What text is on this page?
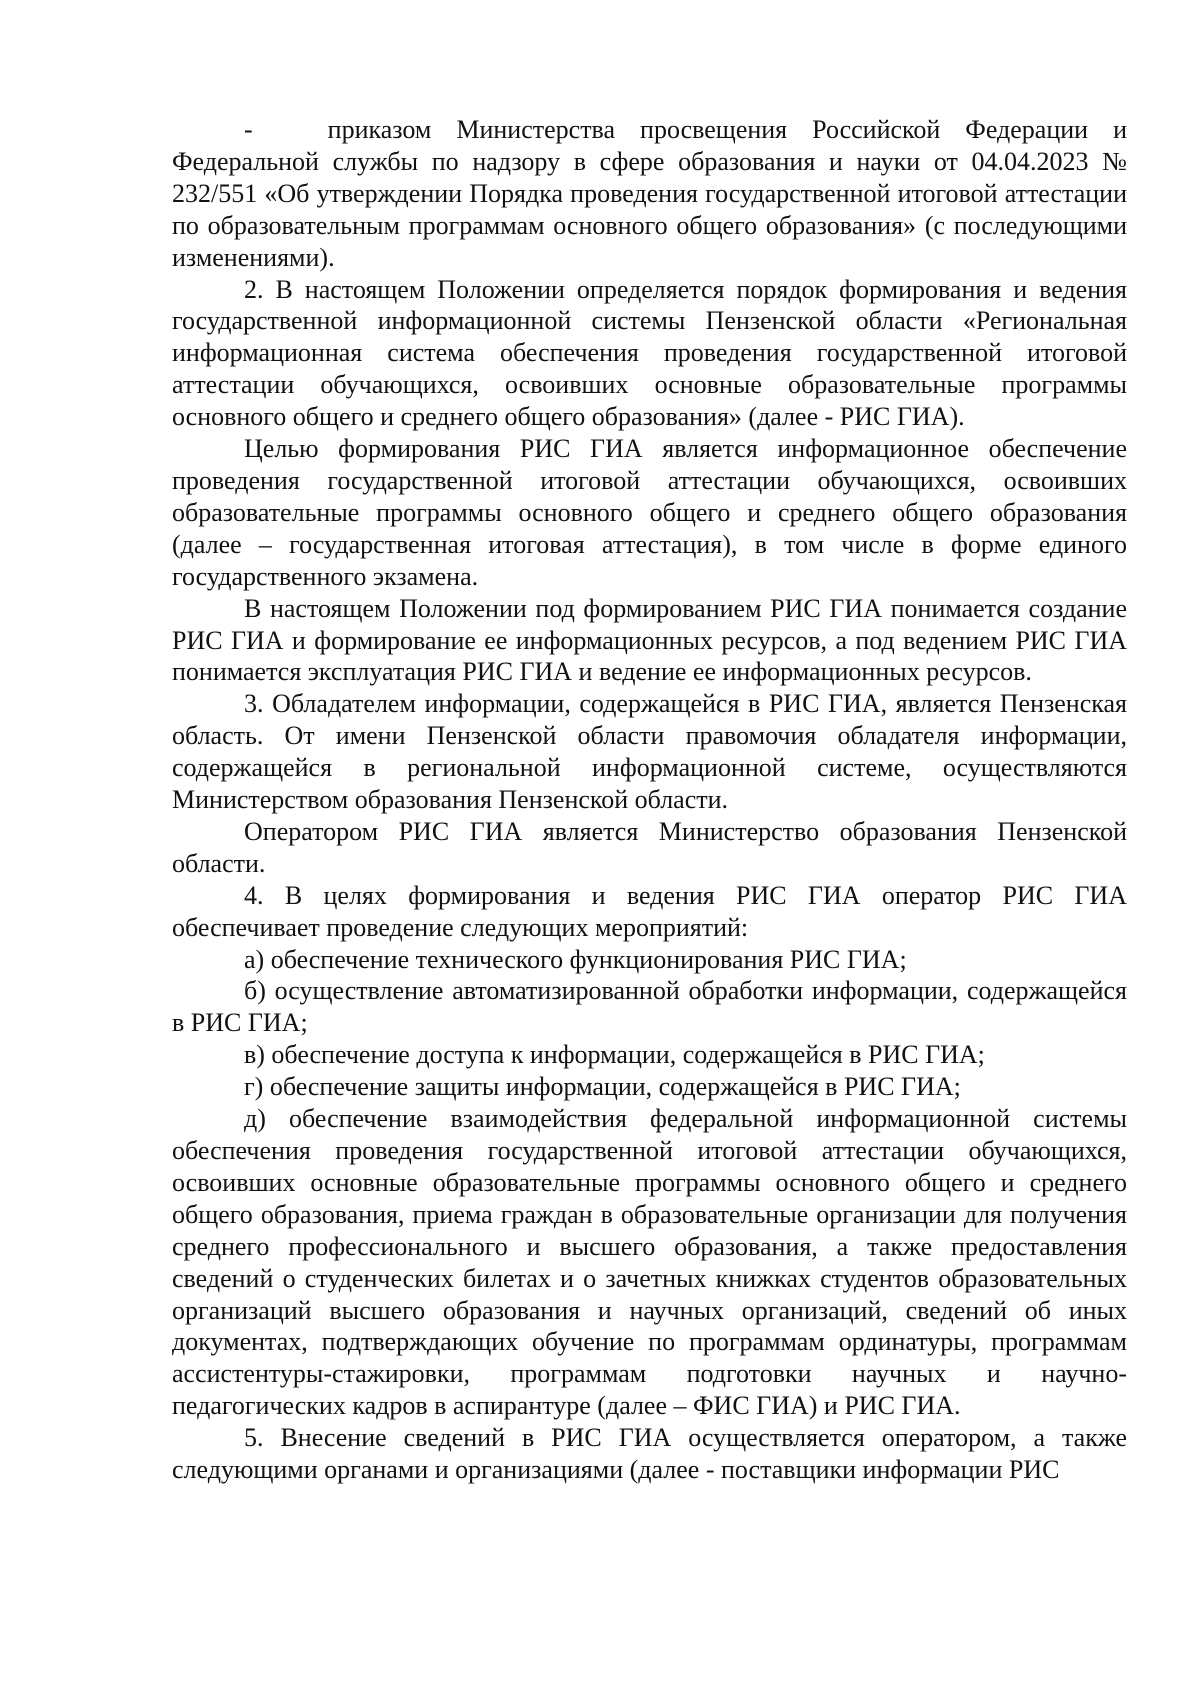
-   приказом Министерства просвещения Российской Федерации и Федеральной службы по надзору в сфере образования и науки от 04.04.2023 № 232/551 «Об утверждении Порядка проведения государственной итоговой аттестации по образовательным программам основного общего образования» (с последующими изменениями).

2. В настоящем Положении определяется порядок формирования и ведения государственной информационной системы Пензенской области «Региональная информационная система обеспечения проведения государственной итоговой аттестации обучающихся, освоивших основные образовательные программы основного общего и среднего общего образования» (далее - РИС ГИА).

Целью формирования РИС ГИА является информационное обеспечение проведения государственной итоговой аттестации обучающихся, освоивших образовательные программы основного общего и среднего общего образования (далее – государственная итоговая аттестация), в том числе в форме единого государственного экзамена.

В настоящем Положении под формированием РИС ГИА понимается создание РИС ГИА и формирование ее информационных ресурсов, а под ведением РИС ГИА понимается эксплуатация РИС ГИА и ведение ее информационных ресурсов.

3. Обладателем информации, содержащейся в РИС ГИА, является Пензенская область. От имени Пензенской области правомочия обладателя информации, содержащейся в региональной информационной системе, осуществляются Министерством образования Пензенской области.

Оператором РИС ГИА является Министерство образования Пензенской области.

4. В целях формирования и ведения РИС ГИА оператор РИС ГИА обеспечивает проведение следующих мероприятий:

а) обеспечение технического функционирования РИС ГИА;

б) осуществление автоматизированной обработки информации, содержащейся в РИС ГИА;

в) обеспечение доступа к информации, содержащейся в РИС ГИА;

г) обеспечение защиты информации, содержащейся в РИС ГИА;

д) обеспечение взаимодействия федеральной информационной системы обеспечения проведения государственной итоговой аттестации обучающихся, освоивших основные образовательные программы основного общего и среднего общего образования, приема граждан в образовательные организации для получения среднего профессионального и высшего образования, а также предоставления сведений о студенческих билетах и о зачетных книжках студентов образовательных организаций высшего образования и научных организаций, сведений об иных документах, подтверждающих обучение по программам ординатуры, программам ассистентуры-стажировки, программам подготовки научных и научно-педагогических кадров в аспирантуре (далее – ФИС ГИА) и РИС ГИА.

5. Внесение сведений в РИС ГИА осуществляется оператором, а также следующими органами и организациями (далее - поставщики информации РИС
